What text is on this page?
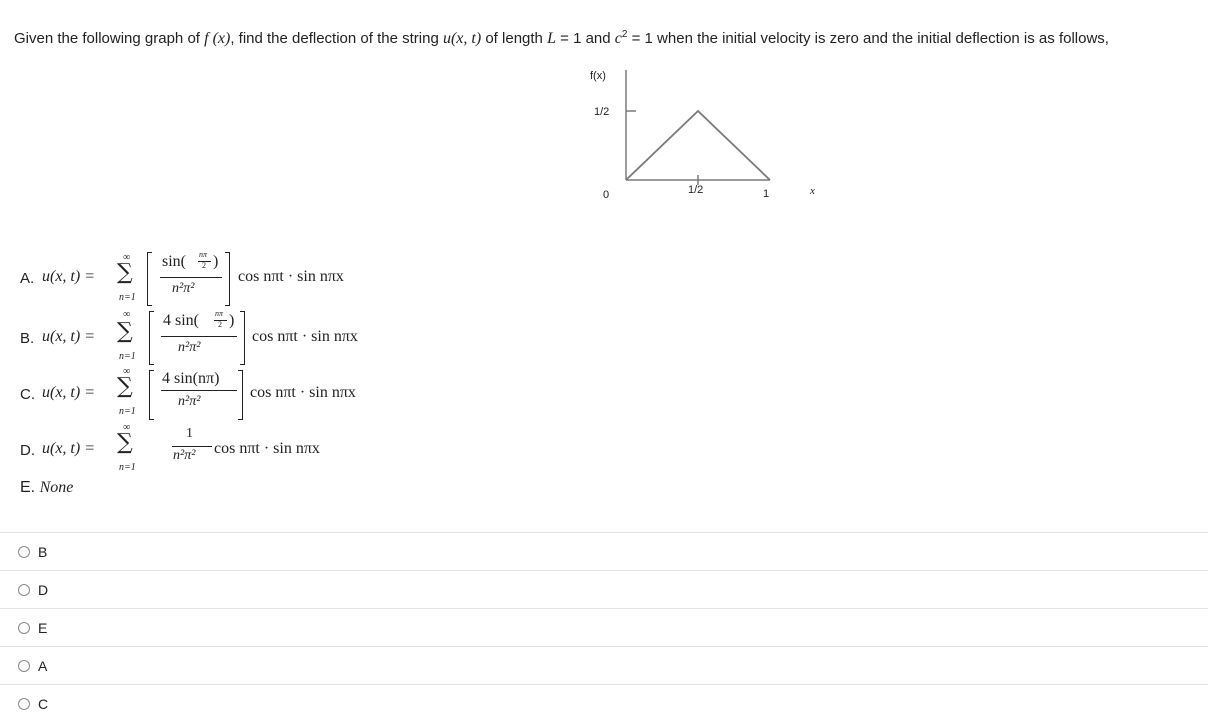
Given the following graph of f (x), find the deflection of the string u(x, t) of length L = 1 and $c^2 = 1$ when the initial velocity is zero and the initial deflection is as follows,
f(x)
1/2
0	1/2	1	x
A. u(x, t) =
∞
∑
n=1
sin( nπ
2 )
n²π²
cos nπt · sin nπx
B. u(x, t) =
∞
∑
n=1
4 sin( nπ
2 )
n²π²
cos nπt · sin nπx
C. u(x, t) =
∞
∑
n=1
4 sin(nπ)
n²π²
cos nπt · sin nπx
D. u(x, t) =
∞
∑
n=1
1
n²π² cos nπt · sin nπx
E. None
B
D
E
A
C
